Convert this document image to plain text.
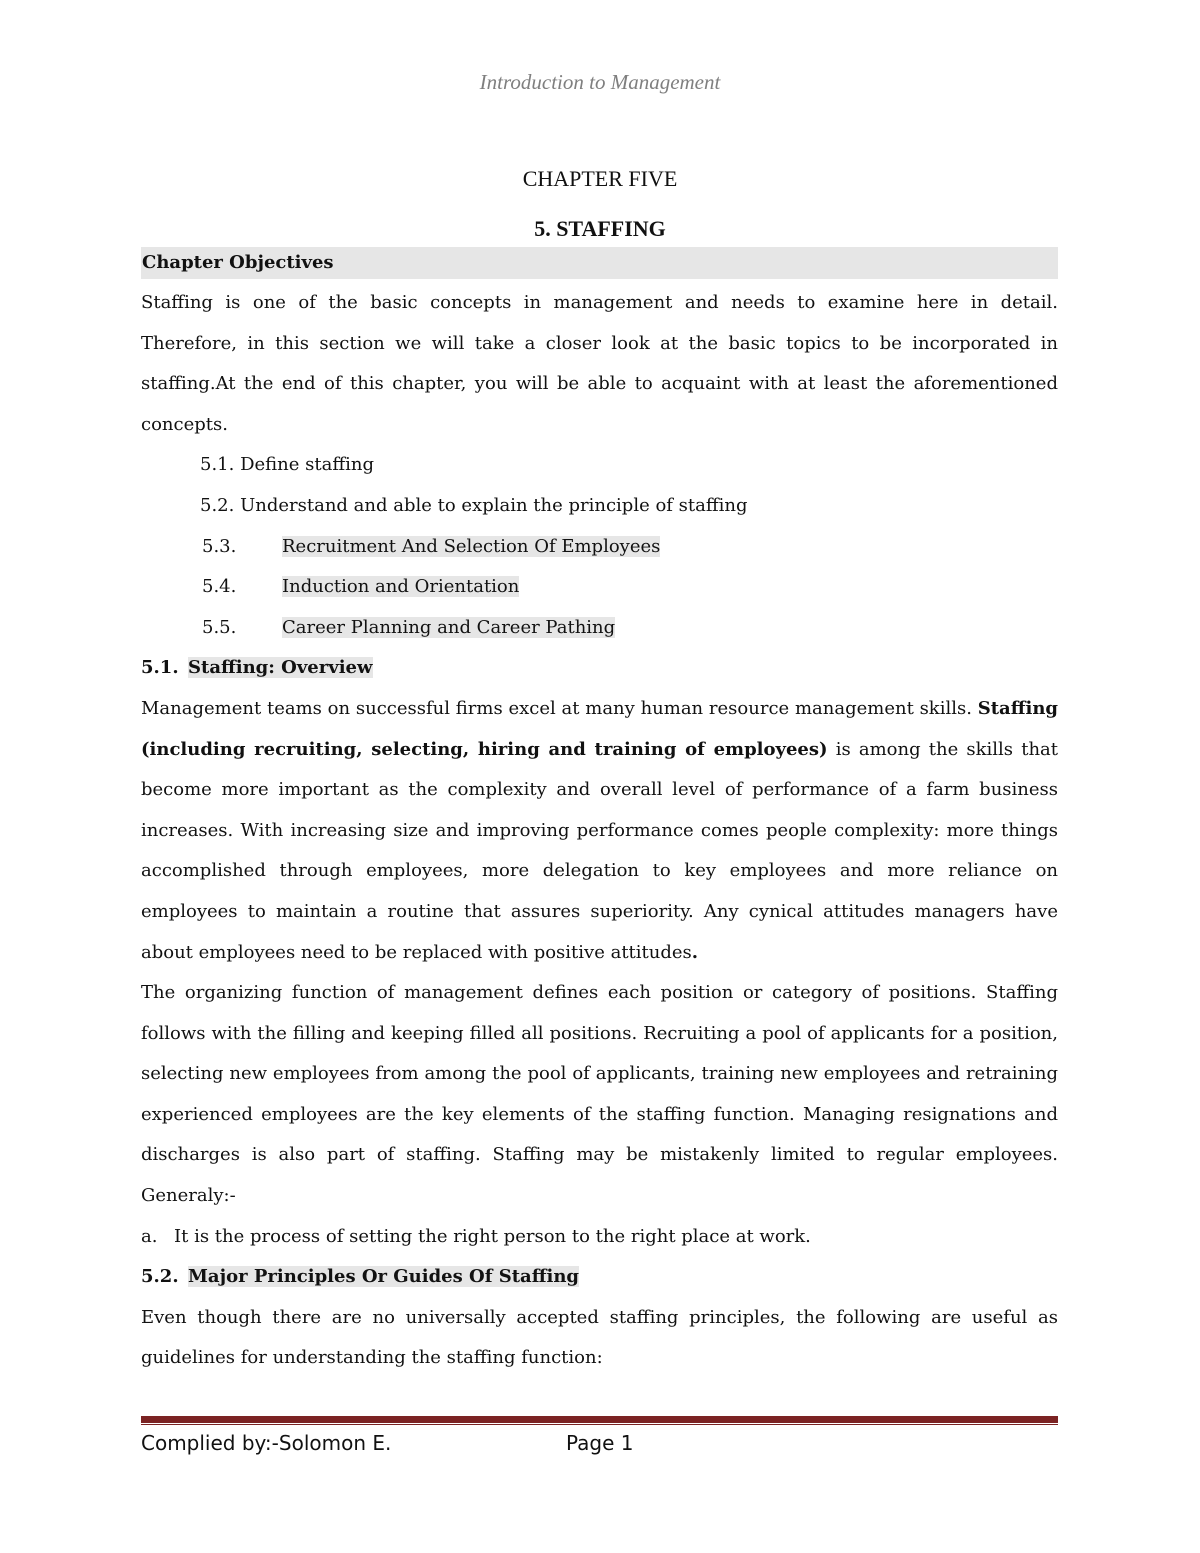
Introduction to Management
CHAPTER FIVE
5. STAFFING

Chapter Objectives

Staffing is one of the basic concepts in management and needs to examine here in detail. Therefore, in this section we will take a closer look at the basic topics to be incorporated in staffing.At the end of this chapter, you will be able to acquaint with at least the aforementioned concepts.

5.1. Define staffing

5.2. Understand and able to explain the principle of staffing

5.3.	Recruitment And Selection Of Employees

5.4.	Induction and Orientation

5.5.	Career Planning and Career Pathing

5.1. Staffing: Overview

Management teams on successful firms excel at many human resource management skills. Staffing (including recruiting, selecting, hiring and training of employees) is among the skills that become more important as the complexity and overall level of performance of a farm business increases. With increasing size and improving performance comes people complexity: more things accomplished through employees, more delegation to key employees and more reliance on employees to maintain a routine that assures superiority. Any cynical attitudes managers have about employees need to be replaced with positive attitudes.

The organizing function of management defines each position or category of positions. Staffing follows with the filling and keeping filled all positions. Recruiting a pool of applicants for a position, selecting new employees from among the pool of applicants, training new employees and retraining experienced employees are the key elements of the staffing function. Managing resignations and discharges is also part of staffing. Staffing may be mistakenly limited to regular employees. Generaly:-

a. It is the process of setting the right person to the right place at work.

5.2. Major Principles Or Guides Of Staffing

Even though there are no universally accepted staffing principles, the following are useful as guidelines for understanding the staffing function:

Complied by:-Solomon E.	Page 1
